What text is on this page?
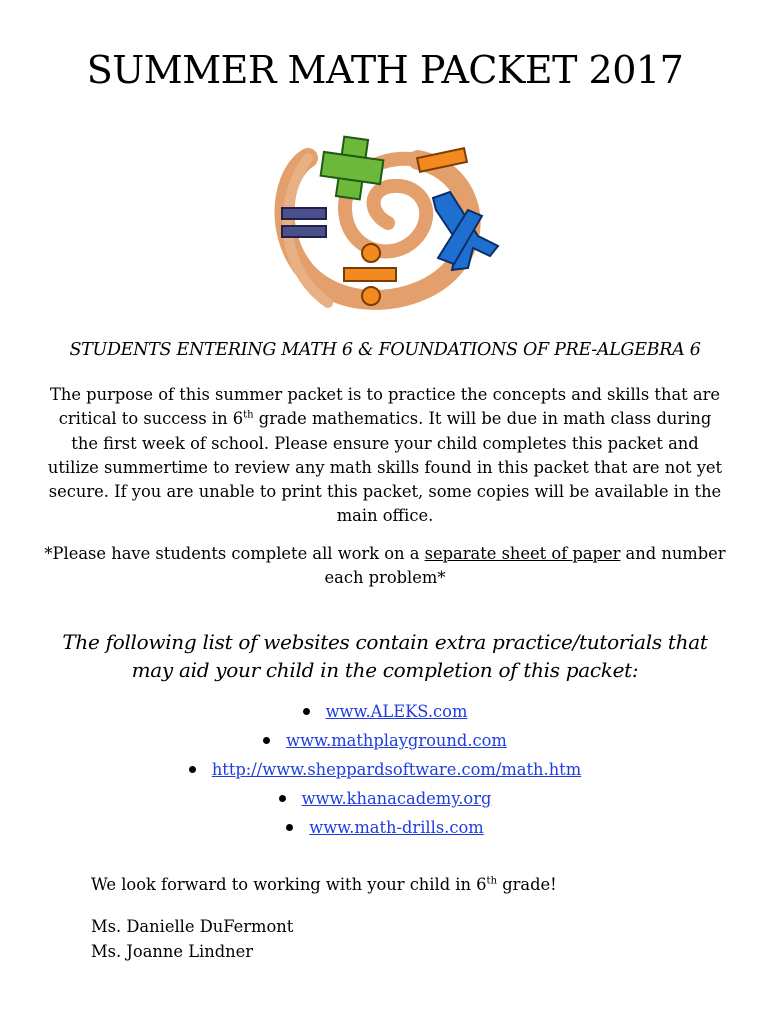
SUMMER MATH PACKET 2017
STUDENTS ENTERING MATH 6 & FOUNDATIONS OF PRE-ALGEBRA 6
The purpose of this summer packet is to practice the concepts and skills that are critical to success in 6th grade mathematics. It will be due in math class during the first week of school. Please ensure your child completes this packet and utilize summertime to review any math skills found in this packet that are not yet secure. If you are unable to print this packet, some copies will be available in the main office.
*Please have students complete all work on a separate sheet of paper and number each problem*
The following list of websites contain extra practice/tutorials that may aid your child in the completion of this packet:
www.ALEKS.com
www.mathplayground.com
http://www.sheppardsoftware.com/math.htm
www.khanacademy.org
www.math-drills.com
We look forward to working with your child in 6th grade!
Ms. Danielle DuFermont
Ms. Joanne Lindner
